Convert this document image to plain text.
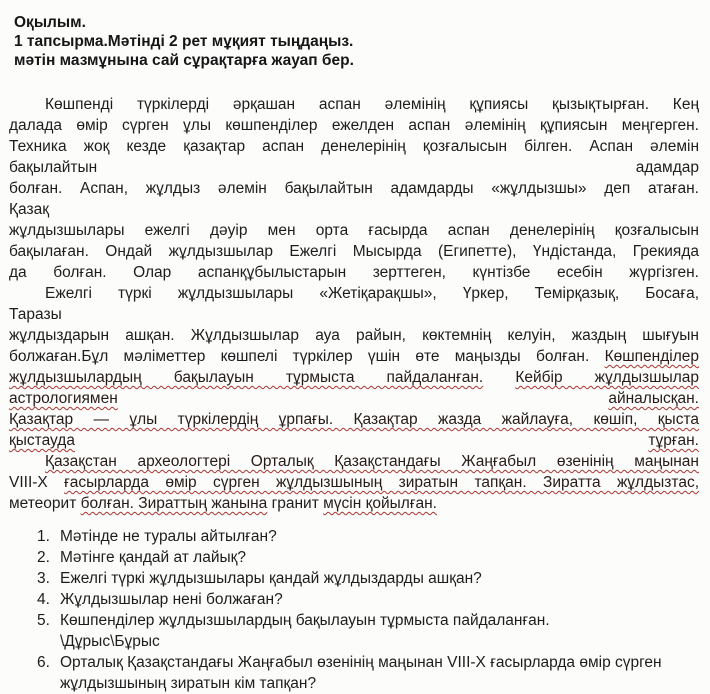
Оқылым.
1 тапсырма.Мәтінді 2 рет мұқият тыңдаңыз.
мәтін мазмұнына сай сұрақтарға жауап бер.
Көшпенді түркілерді әрқашан аспан әлемінің құпиясы қызықтырған. Кең
далада өмір сүрген ұлы көшпенділер ежелден аспан әлемінің құпиясын меңгерген.
Техника жоқ кезде қазақтар аспан денелерінің қозғалысын білген. Аспан әлемін
бақылайтын	адамдар
болған. Аспан, жұлдыз әлемін бақылайтын адамдарды «жұлдызшы» деп атаған.
Қазақ
жұлдызшылары ежелгі дәуір мен орта ғасырда аспан денелерінің қозғалысын
бақылаған. Ондай жұлдызшылар Ежелгі Мысырда (Египетте), Үндістанда, Грекияда
да болған. Олар аспанқұбылыстарын зерттеген, күнтізбе есебін жүргізген.
Ежелгі түркі жұлдызшылары «Жетіқарақшы», Үркер, Темірқазық, Босаға,
Таразы
жұлдыздарын ашқан. Жұлдызшылар ауа райын, көктемнің келуін, жаздың шығуын
болжаған.Бұл мәліметтер көшпелі түркілер үшін өте маңызды болған. Көшпенділер
жұлдызшылардың бақылауын тұрмыста пайдаланған. Кейбір жұлдызшылар
астрологиямен	айналысқан.
Қазақтар — ұлы түркілердің ұрпағы. Қазақтар жазда жайлауға, көшіп, қыста
қыстауда	тұрған.
Қазақстан археологтері Орталық Қазақстандағы Жаңғабыл өзенінің маңынан
VIII-X ғасырларда өмір сүрген жұлдызшының зиратын тапқан. Зиратта жұлдызтас,
метеорит болған. Зираттың жанына гранит мүсін қойылған.
1. Мәтінде не туралы айтылған?
2. Мәтінге қандай ат лайық?
3. Ежелгі түркі жұлдызшылары қандай жұлдыздарды ашқан?
4. Жұлдызшылар нені болжаған?
5. Көшпенділер жұлдызшылардың бақылауын тұрмыста пайдаланған.
\Дұрыс\Бұрыс
6. Орталық Қазақстандағы Жаңғабыл өзенінің маңынан VIII-X ғасырларда өмір сүрген жұлдызшының зиратын кім тапқан?
